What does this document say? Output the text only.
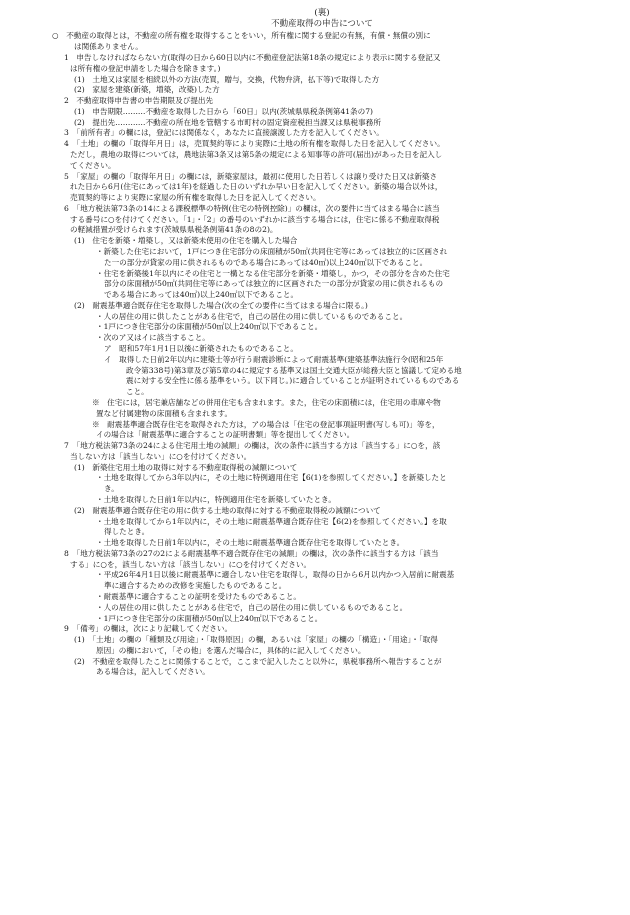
(裏)
不動産取得の申告について
○　不動産の取得とは，不動産の所有権を取得することをいい，所有権に関する登記の有無，有償・無償の別に
は関係ありません。
1　申告しなければならない方(取得の日から60日以内に不動産登記法第18条の規定により表示に関する登記又
は所有権の登記申請をした場合を除きます。)
(1)　土地又は家屋を相続以外の方法(売買，贈与，交換，代物弁済，払下等)で取得した方
(2)　家屋を建築(新築，増築，改築)した方
2　不動産取得申告書の申告期限及び提出先
(1)　申告期限………不動産を取得した日から「60日」以内(茨城県県税条例第41条の7)
(2)　提出先…………不動産の所在地を管轄する市町村の固定資産税担当課又は県税事務所
3　「前所有者」の欄には，登記には関係なく，あなたに直接譲渡した方を記入してください。
4　「土地」の欄の「取得年月日」は，売買契約等により実際に土地の所有権を取得した日を記入してください。
ただし，農地の取得については，農地法第3条又は第5条の規定による知事等の許可(届出)があった日を記入し
てください。
5　「家屋」の欄の「取得年月日」の欄には，新築家屋は，最初に使用した日若しくは譲り受けた日又は新築さ
れた日から6月(住宅にあっては1年)を経過した日のいずれか早い日を記入してください。新築の場合以外は，
売買契約等により実際に家屋の所有権を取得した日を記入してください。
6　「地方税法第73条の14による課税標準の特例(住宅の特例控除)」の欄は，次の要件に当てはまる場合に該当
する番号に○を付けてください。「1」・「2」の番号のいずれかに該当する場合には，住宅に係る不動産取得税
の軽減措置が受けられます(茨城県県税条例第41条の8の2)。
(1)　住宅を新築・増築し，又は新築未使用の住宅を購入した場合
・新築した住宅において，1戸につき住宅部分の床面積が50㎡(共同住宅等にあっては独立的に区画され
た一の部分が貸家の用に供されるものである場合にあっては40㎡)以上240㎡以下であること。
・住宅を新築後1年以内にその住宅と一構となる住宅部分を新築・増築し，かつ，その部分を含めた住宅
部分の床面積が50㎡(共同住宅等にあっては独立的に区画された一の部分が貸家の用に供されるもの
である場合にあっては40㎡)以上240㎡以下であること。
(2)　耐震基準適合既存住宅を取得した場合(次の全ての要件に当てはまる場合に限る。)
・人の居住の用に供したことがある住宅で，自己の居住の用に供しているものであること。
・1戸につき住宅部分の床面積が50㎡以上240㎡以下であること。
・次のア又はイに該当すること。
ア　昭和57年1月1日以後に新築されたものであること。
イ　取得した日前2年以内に建築士等が行う耐震診断によって耐震基準(建築基準法施行令(昭和25年
政令第338号)第3章及び第5章の4に規定する基準又は国土交通大臣が総務大臣と協議して定める地
震に対する安全性に係る基準をいう。以下同じ。)に適合していることが証明されているものである
こと。
※　住宅には，居宅兼店舗などの併用住宅も含まれます。また，住宅の床面積には，住宅用の車庫や物
置など付属建物の床面積も含まれます。
※　耐震基準適合既存住宅を取得された方は，アの場合は「住宅の登記事項証明書(写しも可)」等を，
イの場合は「耐震基準に適合することの証明書類」等を提出してください。
7　「地方税法第73条の24による住宅用土地の減額」の欄は，次の条件に該当する方は「該当する」に○を，該
当しない方は「該当しない」に○を付けてください。
(1)　新築住宅用土地の取得に対する不動産取得税の減額について
・土地を取得してから3年以内に，その土地に特例適用住宅【6(1)を参照してください。】を新築したと
き。
・土地を取得した日前1年以内に，特例適用住宅を新築していたとき。
(2)　耐震基準適合既存住宅の用に供する土地の取得に対する不動産取得税の減額について
・土地を取得してから1年以内に，その土地に耐震基準適合既存住宅【6(2)を参照してください。】を取
得したとき。
・土地を取得した日前1年以内に，その土地に耐震基準適合既存住宅を取得していたとき。
8　「地方税法第73条の27の2による耐震基準不適合既存住宅の減額」の欄は，次の条件に該当する方は「該当
する」に○を，該当しない方は「該当しない」に○を付けてください。
・平成26年4月1日以後に耐震基準に適合しない住宅を取得し，取得の日から6月以内かつ入居前に耐震基
準に適合するための改修を実施したものであること。
・耐震基準に適合することの証明を受けたものであること。
・人の居住の用に供したことがある住宅で，自己の居住の用に供しているものであること。
・1戸につき住宅部分の床面積が50㎡以上240㎡以下であること。
9　「備考」の欄は，次により記載してください。
(1)　「土地」の欄の「種類及び用途」・「取得原因」の欄，あるいは「家屋」の欄の「構造」・「用途」・「取得
原因」の欄において，「その他」を選んだ場合に，具体的に記入してください。
(2)　不動産を取得したことに関係することで，ここまで記入したこと以外に，県税事務所へ報告することが
ある場合は，記入してください。
